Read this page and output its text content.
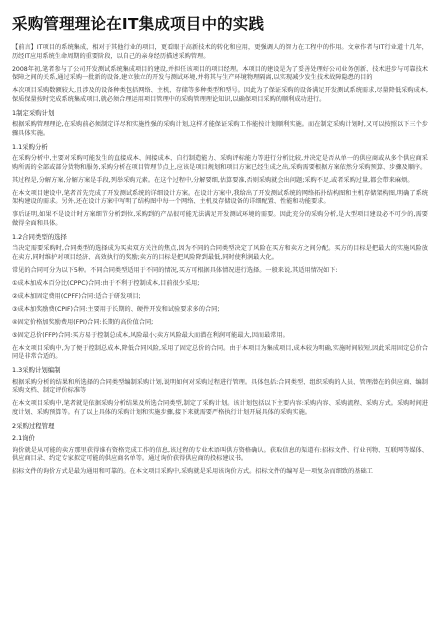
采购管理理论在IT集成项目中的实践

【前言】IT项目的系统集成，相对于其他行业的项目，更看眼于高新技术的转化和应用，更强调人的智力在工程中的作用。文章作者与IT行业道十几年，历经IT应用系统生命周期的重要阶段，以自己的亲身经历描述采购管理。

2008年初,笔者参与了公司开发测试系统集成项目的建设,并担任该项目的项目经理。本项目的建设是为了妥善处理好公司业务创新、技术进步与可靠技术保障之间的关系,通过采购一批新的设备,建立独立的开发与测试环境,并将其与生产环境物理隔离,以实现减少发生技术故障隐患的目的

本次项目采购数额较大,且涉及的设备种类包括网络、主机、存储等多种类型和型号。因此为了保证采购的设备满足开发测试系统需求,尽量降低采购成本,保质保量按时完成系统集成项目,就必须合理运用项目管理中的采购管理理论知识,以确保项目采购的顺利成功进行。

1制定采购计划

根据采购管理理论,在采购前必须制定详尽和实施性强的采购计划,这样才能保证采购工作能按计划顺利实施。而在制定采购计划时,又可以按照以下三个步骤具体实施。

1.1采购分析

在采购分析中,主要对采购可能发生的直接成本、间接成本、自行制造能力、采购评标能力等进行分析比较,并决定是否从单一的供应商或从多个供应商采购所需的全部或部分货物和服务,采购分析在项目管理节点上,应该是项目规划和项目方案已经生成之出,采购需要根据方案依然分采购预算、步骤及顺序。

其过程是,分解方案,分解方案是手段,列举采购元素。在这个过程中,分解要细,估算要准,否则采购就会出问题;采购不足,或者采购过量,都会带来麻烦。

在本文项目建设中,笔者首先完成了开发测试系统的详细设计方案。在设计方案中,我给出了开发测试系统的网络拓扑结构图和主机存储架构图,明确了系统架构建设的需求。另外,还在设计方案中写明了结构图中每一个网络、主机及存储设备的详细配置、性能和功能要求。

事后证明,如果不是设计时方案细节分析到位,采购到的产品很可能无法满足开发测试环境的需要。因此充分的采购分析,是大型项目建设必不可少的,需要做得全面和具体。

1.2合同类型的选择

当决定需要采购时,合同类型的选择成为买卖双方关注的焦点,因为不同的合同类型决定了风险在买方和卖方之间分配。买方的目标是把最大的实施风险放在卖方,同时维护对项目经济、高效执行的奖励;卖方的目标是把风险降到最低,同时使利润最大化。

常见的合同可分为以下5种。不同合同类型适用于不同的情况,买方可根据具体情况进行选择。一般来说,其适用情况如下:

①成本加成本百分比(CPPC)合同:由于不利于控制成本,目前很少采用;

②成本加固定费用(CPFF)合同:适合于研发项目;

③成本加奖励费(CPIF)合同:主要用于长期的、硬件开发和试验要求多的合同;

④固定价格加奖励费用(FPI)合同:长期的高价值合同;

⑤固定总价(FFP)合同:买方易于控制总成本,风险最小;卖方风险最大而潜在利润可能最大,因而最常用。

在本文项目采购中,为了便于控制总成本,降低合同风险,采用了固定总价的合同。由于本项目为集成项目,成本较为明确,实施时间较短,因此采用固定总价合同是非常合适的。

1.3采购计划编制

根据采购分析的结果和所选择的合同类型编制采购计划,说明如何对采购过程进行管理。具体包括:合同类型、组织采购的人员、管理潜在的供应商、编制采购文档、制定评价标准等

在本文项目采购中,笔者就是依据采购分析结果及所选合同类型,制定了采购计划。该计划包括以下主要内容:采购内容、采购流程、采购方式。采购时间进度计划、采购预算等。有了以上具体的采购计划和实施步骤,接下来就需要严格执行计划开展具体的采购实施。

2采购过程管理

2.1询价

询价就是从可能的卖方那里获得谁有资格完成工作的信息,该过程的专业术语叫供方资格确认。获取信息的渠道有:招标文件、行业刊物、互联网等媒体、供应商目录、约定专家拟定可能的供应商名单等。通过询价获得供应商的投标建议书。

招标文件的询价方式是最为通用和可靠的。在本文项目采购中,采购就是采用该询价方式。招标文件的编写是一项复杂而细致的基础工
